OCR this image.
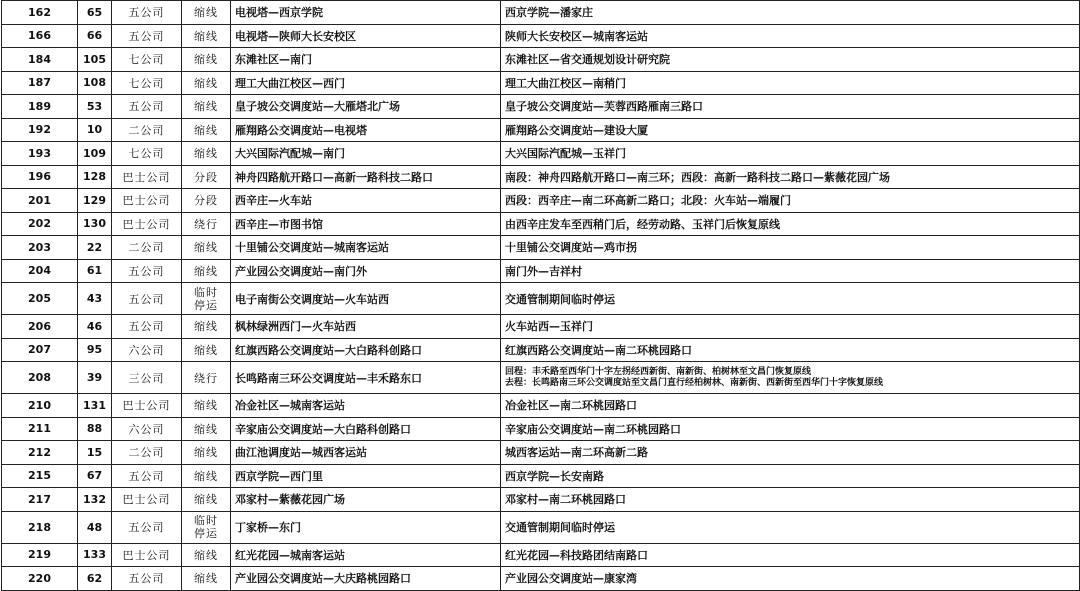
162	65	五公司	缩线	电视塔—西京学院	西京学院—潘家庄
166	66	五公司	缩线	电视塔—陕师大长安校区	陕师大长安校区—城南客运站
184	105	七公司	缩线	东滩社区—南门	东滩社区—省交通规划设计研究院
187	108	七公司	缩线	理工大曲江校区—西门	理工大曲江校区—南稍门
189	53	五公司	缩线	皇子坡公交调度站—大雁塔北广场	皇子坡公交调度站—芙蓉西路雁南三路口
192	10	二公司	缩线	雁翔路公交调度站—电视塔	雁翔路公交调度站—建设大厦
193	109	七公司	缩线	大兴国际汽配城—南门	大兴国际汽配城—玉祥门
196	128	巴士公司	分段	神舟四路航开路口—高新一路科技二路口	南段：神舟四路航开路口—南三环；西段：高新一路科技二路口—紫薇花园广场
201	129	巴士公司	分段	西辛庄—火车站	西段：西辛庄—南二环高新二路口；北段：火车站—端履门
202	130	巴士公司	绕行	西辛庄—市图书馆	由西辛庄发车至西稍门后，经劳动路、玉祥门后恢复原线
203	22	二公司	缩线	十里铺公交调度站—城南客运站	十里铺公交调度站—鸡市拐
204	61	五公司	缩线	产业园公交调度站—南门外	南门外—吉祥村
205	43	五公司	临时
停运	电子南街公交调度站—火车站西	交通管制期间临时停运
206	46	五公司	缩线	枫林绿洲西门—火车站西	火车站西—玉祥门
207	95	六公司	缩线	红旗西路公交调度站—大白路科创路口	红旗西路公交调度站—南二环桃园路口
208	39	三公司	绕行	长鸣路南三环公交调度站—丰禾路东口	回程：丰禾路至西华门十字左拐经西新街、南新街、柏树林至文昌门恢复原线
去程：长鸣路南三环公交调度站至文昌门直行经柏树林、南新街、西新街至西华门十字恢复原线

210	131	巴士公司	缩线	冶金社区—城南客运站	冶金社区—南二环桃园路口
211	88	六公司	缩线	辛家庙公交调度站—大白路科创路口	辛家庙公交调度站—南二环桃园路口
212	15	二公司	缩线	曲江池调度站—城西客运站	城西客运站—南二环高新二路
215	67	五公司	缩线	西京学院—西门里	西京学院—长安南路
217	132	巴士公司	缩线	邓家村—紫薇花园广场	邓家村—南二环桃园路口
218	48	五公司	临时
停运	丁家桥—东门	交通管制期间临时停运
219	133	巴士公司	缩线	红光花园—城南客运站	红光花园—科技路团结南路口
220	62	五公司	缩线	产业园公交调度站—大庆路桃园路口	产业园公交调度站—康家湾
